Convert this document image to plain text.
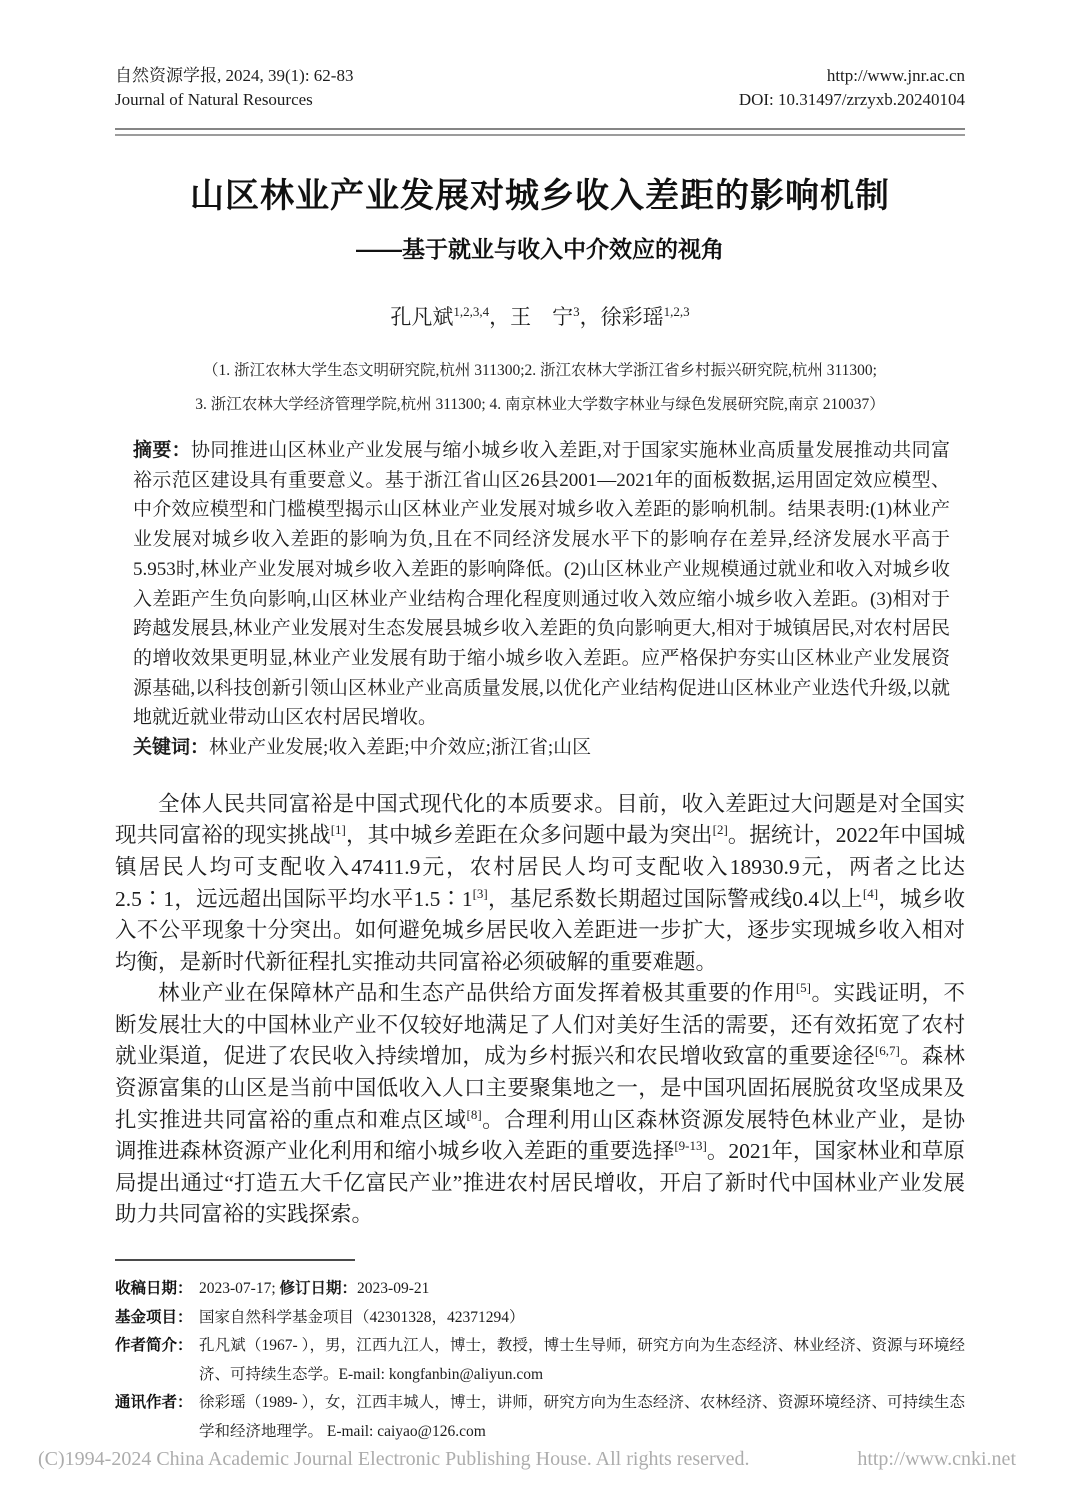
自然资源学报, 2024, 39(1): 62-83
Journal of Natural Resources
http://www.jnr.ac.cn
DOI: 10.31497/zrzyxb.20240104
山区林业产业发展对城乡收入差距的影响机制
——基于就业与收入中介效应的视角
孔凡斌$^{1,2,3,4}$，王　宁$^3$，徐彩瑶$^{1,2,3}$
（1. 浙江农林大学生态文明研究院,杭州 311300;2. 浙江农林大学浙江省乡村振兴研究院,杭州 311300;
3. 浙江农林大学经济管理学院,杭州 311300; 4. 南京林业大学数字林业与绿色发展研究院,南京 210037）
摘要：协同推进山区林业产业发展与缩小城乡收入差距,对于国家实施林业高质量发展推动共同富裕示范区建设具有重要意义。基于浙江省山区26县2001—2021年的面板数据,运用固定效应模型、中介效应模型和门槛模型揭示山区林业产业发展对城乡收入差距的影响机制。结果表明:(1)林业产业发展对城乡收入差距的影响为负,且在不同经济发展水平下的影响存在差异,经济发展水平高于5.953时,林业产业发展对城乡收入差距的影响降低。(2)山区林业产业规模通过就业和收入对城乡收入差距产生负向影响,山区林业产业结构合理化程度则通过收入效应缩小城乡收入差距。(3)相对于跨越发展县,林业产业发展对生态发展县城乡收入差距的负向影响更大,相对于城镇居民,对农村居民的增收效果更明显,林业产业发展有助于缩小城乡收入差距。应严格保护夯实山区林业产业发展资源基础,以科技创新引领山区林业产业高质量发展,以优化产业结构促进山区林业产业迭代升级,以就地就近就业带动山区农村居民增收。
关键词：林业产业发展;收入差距;中介效应;浙江省;山区

全体人民共同富裕是中国式现代化的本质要求。目前，收入差距过大问题是对全国实现共同富裕的现实挑战[1]，其中城乡差距在众多问题中最为突出[2]。据统计，2022年中国城镇居民人均可支配收入47411.9元，农村居民人均可支配收入18930.9元，两者之比达2.5∶1，远远超出国际平均水平1.5∶1[3]，基尼系数长期超过国际警戒线0.4以上[4]，城乡收入不公平现象十分突出。如何避免城乡居民收入差距进一步扩大，逐步实现城乡收入相对均衡，是新时代新征程扎实推动共同富裕必须破解的重要难题。

林业产业在保障林产品和生态产品供给方面发挥着极其重要的作用[5]。实践证明，不断发展壮大的中国林业产业不仅较好地满足了人们对美好生活的需要，还有效拓宽了农村就业渠道，促进了农民收入持续增加，成为乡村振兴和农民增收致富的重要途径[6,7]。森林资源富集的山区是当前中国低收入人口主要聚集地之一，是中国巩固拓展脱贫攻坚成果及扎实推进共同富裕的重点和难点区域[8]。合理利用山区森林资源发展特色林业产业，是协调推进森林资源产业化利用和缩小城乡收入差距的重要选择[9-13]。2021年，国家林业和草原局提出通过“打造五大千亿富民产业”推进农村居民增收，开启了新时代中国林业产业发展助力共同富裕的实践探索。

收稿日期： 2023-07-17; 修订日期：2023-09-21
基金项目： 国家自然科学基金项目（42301328，42371294）
作者简介： 孔凡斌（1967- ），男，江西九江人，博士，教授，博士生导师，研究方向为生态经济、林业经济、资源与环境经济、可持续生态学。E-mail: kongfanbin@aliyun.com
通讯作者： 徐彩瑶（1989- ），女，江西丰城人，博士，讲师，研究方向为生态经济、农林经济、资源环境经济、可持续生态学和经济地理学。 E-mail: caiyao@126.com
(C)1994-2024 China Academic Journal Electronic Publishing House. All rights reserved.	http://www.cnki.net
